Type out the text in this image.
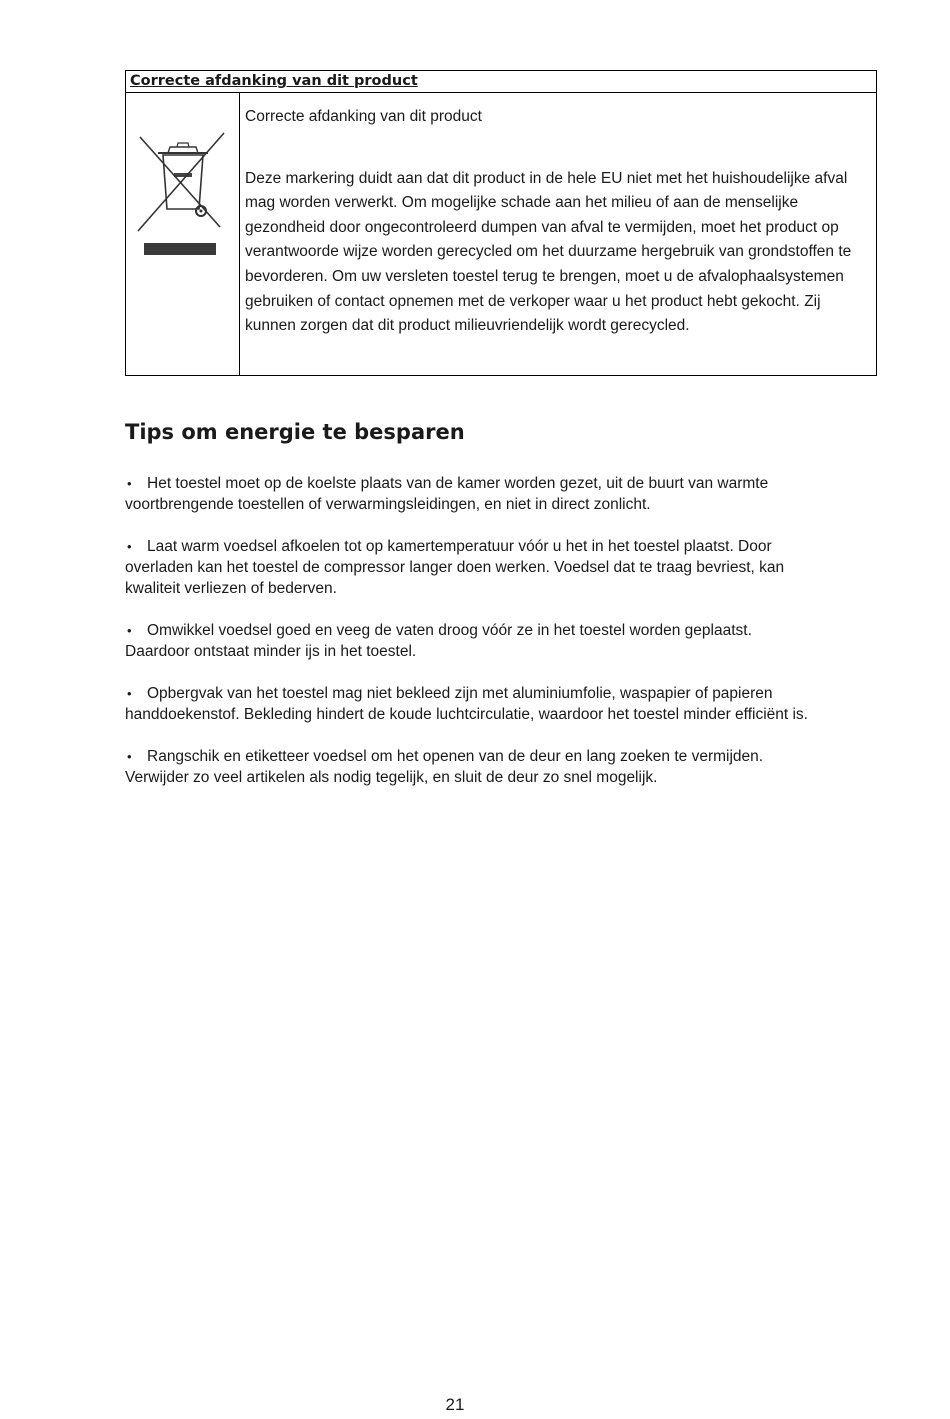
Correcte afdanking van dit product

Correcte afdanking van dit product

Deze markering duidt aan dat dit product in de hele EU niet met het huishoudelijke afval mag worden verwerkt. Om mogelijke schade aan het milieu of aan de menselijke gezondheid door ongecontroleerd dumpen van afval te vermijden, moet het product op verantwoorde wijze worden gerecycled om het duurzame hergebruik van grondstoffen te bevorderen. Om uw versleten toestel terug te brengen, moet u de afvalophaalsystemen gebruiken of contact opnemen met de verkoper waar u het product hebt gekocht. Zij kunnen zorgen dat dit product milieuvriendelijk wordt gerecycled.

Tips om energie te besparen

• Het toestel moet op de koelste plaats van de kamer worden gezet, uit de buurt van warmte voortbrengende toestellen of verwarmingsleidingen, en niet in direct zonlicht.

• Laat warm voedsel afkoelen tot op kamertemperatuur vóór u het in het toestel plaatst. Door overladen kan het toestel de compressor langer doen werken. Voedsel dat te traag bevriest, kan kwaliteit verliezen of bederven.

• Omwikkel voedsel goed en veeg de vaten droog vóór ze in het toestel worden geplaatst. Daardoor ontstaat minder ijs in het toestel.

• Opbergvak van het toestel mag niet bekleed zijn met aluminiumfolie, waspapier of papieren handdoekenstof. Bekleding hindert de koude luchtcirculatie, waardoor het toestel minder efficiënt is.

• Rangschik en etiketteer voedsel om het openen van de deur en lang zoeken te vermijden. Verwijder zo veel artikelen als nodig tegelijk, en sluit de deur zo snel mogelijk.

21
